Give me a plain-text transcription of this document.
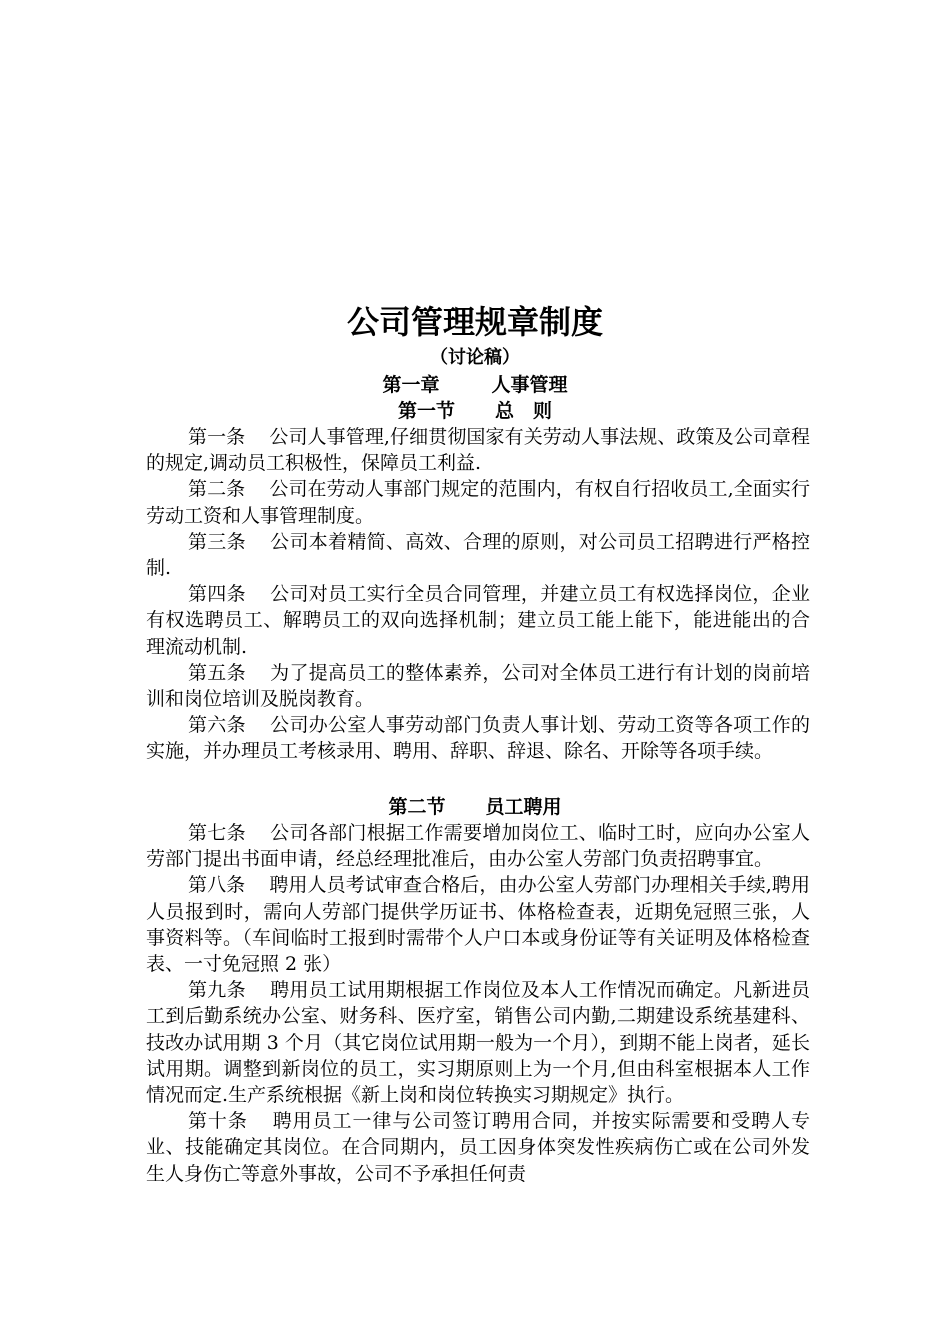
公司管理规章制度
（讨论稿）
第一章	人事管理
第一节 总　则

第一条 公司人事管理,仔细贯彻国家有关劳动人事法规、政策及公司章程的规定,调动员工积极性，保障员工利益.

第二条 公司在劳动人事部门规定的范围内，有权自行招收员工,全面实行劳动工资和人事管理制度。

第三条 公司本着精简、高效、合理的原则，对公司员工招聘进行严格控制.

第四条 公司对员工实行全员合同管理，并建立员工有权选择岗位，企业有权选聘员工、解聘员工的双向选择机制；建立员工能上能下，能进能出的合理流动机制.

第五条 为了提高员工的整体素养，公司对全体员工进行有计划的岗前培训和岗位培训及脱岗教育。

第六条 公司办公室人事劳动部门负责人事计划、劳动工资等各项工作的实施，并办理员工考核录用、聘用、辞职、辞退、除名、开除等各项手续。

第二节 员工聘用

第七条 公司各部门根据工作需要增加岗位工、临时工时，应向办公室人劳部门提出书面申请，经总经理批准后，由办公室人劳部门负责招聘事宜。

第八条 聘用人员考试审查合格后，由办公室人劳部门办理相关手续,聘用人员报到时，需向人劳部门提供学历证书、体格检查表，近期免冠照三张，人事资料等。（车间临时工报到时需带个人户口本或身份证等有关证明及体格检查表、一寸免冠照 2 张）

第九条 聘用员工试用期根据工作岗位及本人工作情况而确定。凡新进员工到后勤系统办公室、财务科、医疗室，销售公司内勤,二期建设系统基建科、技改办试用期 3 个月（其它岗位试用期一般为一个月），到期不能上岗者，延长试用期。调整到新岗位的员工，实习期原则上为一个月,但由科室根据本人工作情况而定.生产系统根据《新上岗和岗位转换实习期规定》执行。

第十条 聘用员工一律与公司签订聘用合同，并按实际需要和受聘人专业、技能确定其岗位。在合同期内，员工因身体突发性疾病伤亡或在公司外发生人身伤亡等意外事故，公司不予承担任何责
